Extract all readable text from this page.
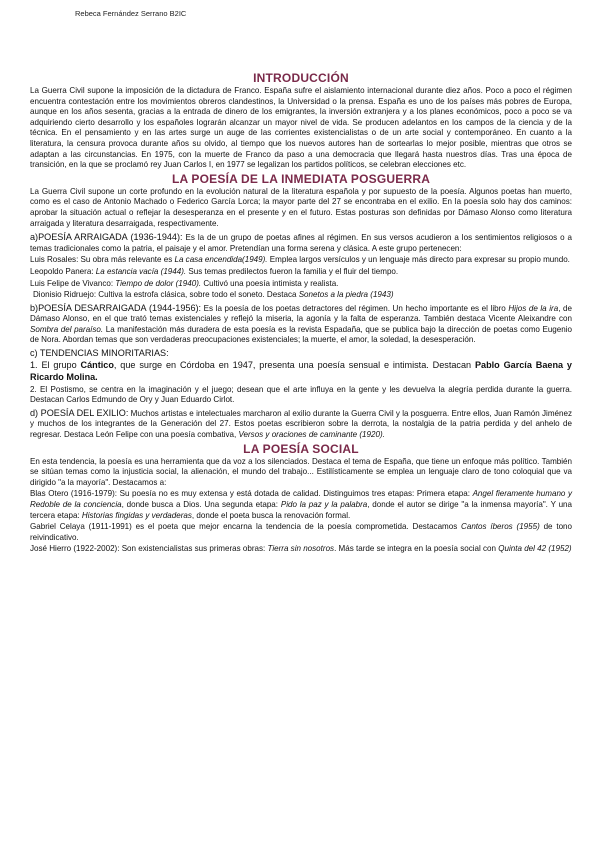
Rebeca Fernández Serrano B2IC
INTRODUCCIÓN

La Guerra Civil supone la imposición de la dictadura de Franco. España sufre el aislamiento internacional durante diez años. Poco a poco el régimen encuentra contestación entre los movimientos obreros clandestinos, la Universidad o la prensa. España es uno de los países más pobres de Europa, aunque en los años sesenta, gracias a la entrada de dinero de los emigrantes, la inversión extranjera y a los planes económicos, poco a poco se va adquiriendo cierto desarrollo y los españoles lograrán alcanzar un mayor nivel de vida. Se producen adelantos en los campos de la ciencia y de la técnica. En el pensamiento y en las artes surge un auge de las corrientes existencialistas o de un arte social y contemporáneo. En cuanto a la literatura, la censura provoca durante años su olvido, al tiempo que los nuevos autores han de sortearlas lo mejor posible, mientras que otros se adaptan a las circunstancias. En 1975, con la muerte de Franco da paso a una democracia que llegará hasta nuestros días. Tras una época de transición, en la que se proclamó rey Juan Carlos I, en 1977 se legalizan los partidos políticos, se celebran elecciones etc.

LA POESÍA DE LA INMEDIATA POSGUERRA

La Guerra Civil supone un corte profundo en la evolución natural de la literatura española y por supuesto de la poesía. Algunos poetas han muerto, como es el caso de Antonio Machado o Federico García Lorca; la mayor parte del 27 se encontraba en el exilio. En la poesía solo hay dos caminos: aprobar la situación actual o reflejar la desesperanza en el presente y en el futuro. Estas posturas son definidas por Dámaso Alonso como literatura arraigada y literatura desarraigada, respectivamente.

a)POESÍA ARRAIGADA (1936-1944): Es la de un grupo de poetas afines al régimen. En sus versos acudieron a los sentimientos religiosos o a temas tradicionales como la patria, el paisaje y el amor. Pretendían una forma serena y clásica. A este grupo pertenecen:

Luis Rosales: Su obra más relevante es La casa encendida(1949). Emplea largos versículos y un lenguaje más directo para expresar su propio mundo.

Leopoldo Panera: La estancia vacía (1944). Sus temas predilectos fueron la familia y el fluir del tiempo.

Luis Felipe de Vivanco: Tiempo de dolor (1940). Cultivó una poesía intimista y realista.

Dionisio Ridruejo: Cultiva la estrofa clásica, sobre todo el soneto. Destaca Sonetos a la piedra (1943)

b)POESÍA DESARRAIGADA (1944-1956): Es la poesía de los poetas detractores del régimen. Un hecho importante es el libro Hijos de la ira, de Dámaso Alonso, en el que trató temas existenciales y reflejó la miseria, la agonía y la falta de esperanza. También destaca Vicente Aleixandre con Sombra del paraíso. La manifestación más duradera de esta poesía es la revista Espadaña, que se publica bajo la dirección de poetas como Eugenio de Nora. Abordan temas que son verdaderas preocupaciones existenciales; la muerte, el amor, la soledad, la desesperación.

c) TENDENCIAS MINORITARIAS:

1. El grupo Cántico, que surge en Córdoba en 1947, presenta una poesía sensual e intimista. Destacan Pablo García Baena y Ricardo Molina.

2. El Postismo, se centra en la imaginación y el juego; desean que el arte influya en la gente y les devuelva la alegría perdida durante la guerra. Destacan Carlos Edmundo de Ory y Juan Eduardo Cirlot.

d) POESÍA DEL EXILIO: Muchos artistas e intelectuales marcharon al exilio durante la Guerra Civil y la posguerra. Entre ellos, Juan Ramón Jiménez y muchos de los integrantes de la Generación del 27. Estos poetas escribieron sobre la derrota, la nostalgia de la patria perdida y del anhelo de regresar. Destaca León Felipe con una poesía combativa, Versos y oraciones de caminante (1920).

LA POESÍA SOCIAL

En esta tendencia, la poesía es una herramienta que da voz a los silenciados. Destaca el tema de España, que tiene un enfoque más político. También se sitúan temas como la injusticia social, la alienación, el mundo del trabajo... Estilísticamente se emplea un lenguaje claro de tono coloquial que va dirigido "a la mayoría". Destacamos a:

Blas Otero (1916-1979): Su poesía no es muy extensa y está dotada de calidad. Distinguimos tres etapas: Primera etapa: Angel fieramente humano y Redoble de la conciencia, donde busca a Dios. Una segunda etapa: Pido la paz y la palabra, donde el autor se dirige "a la inmensa mayoría". Y una tercera etapa: Historias fingidas y verdaderas, donde el poeta busca la renovación formal.

Gabriel Celaya (1911-1991) es el poeta que mejor encarna la tendencia de la poesía comprometida. Destacamos Cantos íberos (1955) de tono reivindicativo.

José Hierro (1922-2002): Son existencialistas sus primeras obras: Tierra sin nosotros. Más tarde se integra en la poesía social con Quinta del 42 (1952)
